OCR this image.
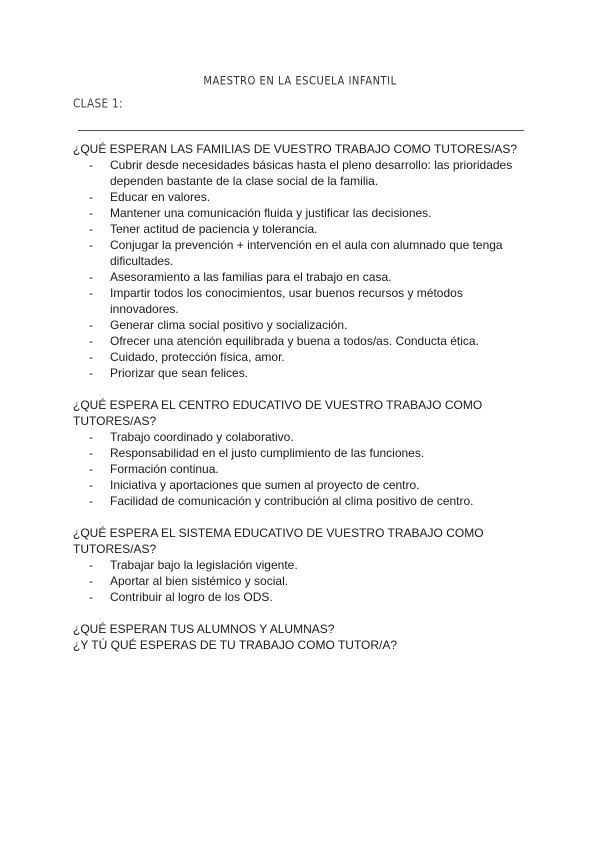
MAESTRO EN LA ESCUELA INFANTIL
CLASE 1:

¿QUÉ ESPERAN LAS FAMILIAS DE VUESTRO TRABAJO COMO TUTORES/AS?

- Cubrir desde necesidades básicas hasta el pleno desarrollo: las prioridades dependen bastante de la clase social de la familia.
- Educar en valores.
- Mantener una comunicación fluida y justificar las decisiones.
- Tener actitud de paciencia y tolerancia.
- Conjugar la prevención + intervención en el aula con alumnado que tenga dificultades.
- Asesoramiento a las familias para el trabajo en casa.
- Impartir todos los conocimientos, usar buenos recursos y métodos innovadores.
- Generar clima social positivo y socialización.
- Ofrecer una atención equilibrada y buena a todos/as. Conducta ética.
- Cuidado, protección física, amor.
- Priorizar que sean felices.

¿QUÉ ESPERA EL CENTRO EDUCATIVO DE VUESTRO TRABAJO COMO TUTORES/AS?

- Trabajo coordinado y colaborativo.
- Responsabilidad en el justo cumplimiento de las funciones.
- Formación continua.
- Iniciativa y aportaciones que sumen al proyecto de centro.
- Facilidad de comunicación y contribución al clima positivo de centro.

¿QUÉ ESPERA EL SISTEMA EDUCATIVO DE VUESTRO TRABAJO COMO TUTORES/AS?

- Trabajar bajo la legislación vigente.
- Aportar al bien sistémico y social.
- Contribuir al logro de los ODS.

¿QUÉ ESPERAN TUS ALUMNOS Y ALUMNAS?

¿Y TÚ QUÉ ESPERAS DE TU TRABAJO COMO TUTOR/A?
